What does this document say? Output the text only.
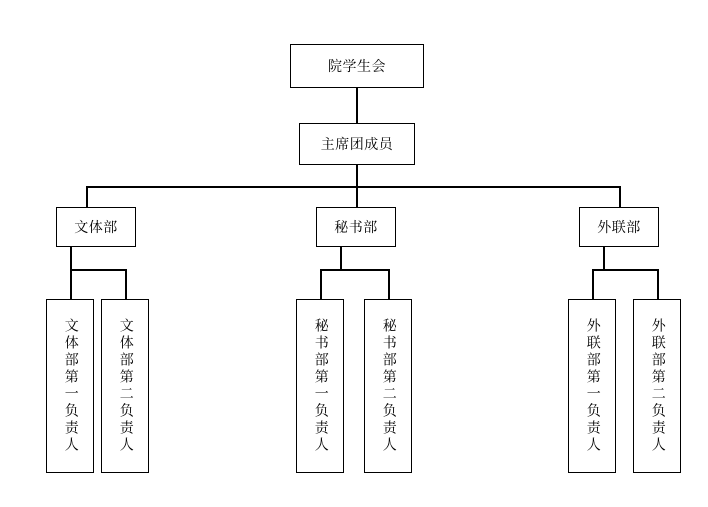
院学生会
主席团成员
文体部	秘书部	外联部
文体部第一负责人	文体部第二负责人	秘书部第一负责人	秘书部第二负责人	外联部第一负责人	外联部第二负责人
